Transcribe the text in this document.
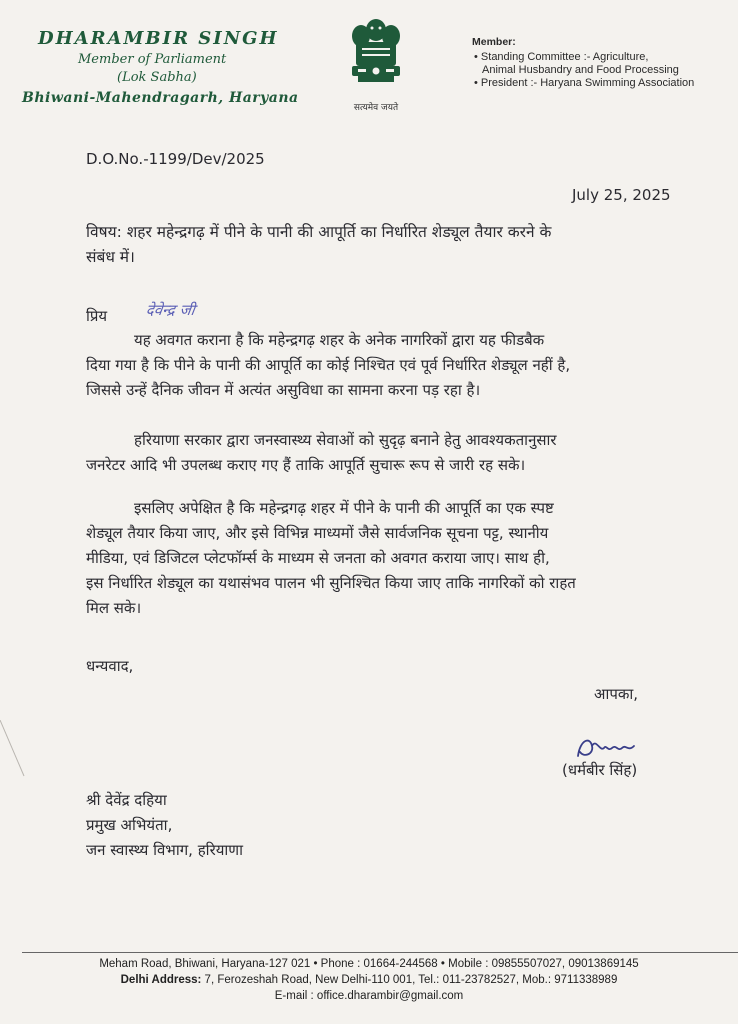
DHARAMBIR SINGH
Member of Parliament
(Lok Sabha)
Bhiwani-Mahendragarh, Haryana
सत्यमेव जयते
Member:
• Standing Committee :- Agriculture,
Animal Husbandry and Food Processing
• President :- Haryana Swimming Association
D.O.No.-1199/Dev/2025
July 25, 2025
विषय: शहर महेन्द्रगढ़ में पीने के पानी की आपूर्ति का निर्धारित शेड्यूल तैयार करने के
संबंध में।
प्रिय	देवेन्द्र जी
यह अवगत कराना है कि महेन्द्रगढ़ शहर के अनेक नागरिकों द्वारा यह फीडबैक
दिया गया है कि पीने के पानी की आपूर्ति का कोई निश्चित एवं पूर्व निर्धारित शेड्यूल नहीं है,
जिससे उन्हें दैनिक जीवन में अत्यंत असुविधा का सामना करना पड़ रहा है।
हरियाणा सरकार द्वारा जनस्वास्थ्य सेवाओं को सुदृढ़ बनाने हेतु आवश्यकतानुसार
जनरेटर आदि भी उपलब्ध कराए गए हैं ताकि आपूर्ति सुचारू रूप से जारी रह सके।
इसलिए अपेक्षित है कि महेन्द्रगढ़ शहर में पीने के पानी की आपूर्ति का एक स्पष्ट
शेड्यूल तैयार किया जाए, और इसे विभिन्न माध्यमों जैसे सार्वजनिक सूचना पट्ट, स्थानीय
मीडिया, एवं डिजिटल प्लेटफॉर्म्स के माध्यम से जनता को अवगत कराया जाए। साथ ही,
इस निर्धारित शेड्यूल का यथासंभव पालन भी सुनिश्चित किया जाए ताकि नागरिकों को राहत
मिल सके।
धन्यवाद,
आपका,
(धर्मबीर सिंह)
श्री देवेंद्र दहिया
प्रमुख अभियंता,
जन स्वास्थ्य विभाग, हरियाणा
Meham Road, Bhiwani, Haryana-127 021 • Phone : 01664-244568 • Mobile : 09855507027, 09013869145
Delhi Address: 7, Ferozeshah Road, New Delhi-110 001, Tel.: 011-23782527, Mob.: 9711338989
E-mail : office.dharambir@gmail.com
